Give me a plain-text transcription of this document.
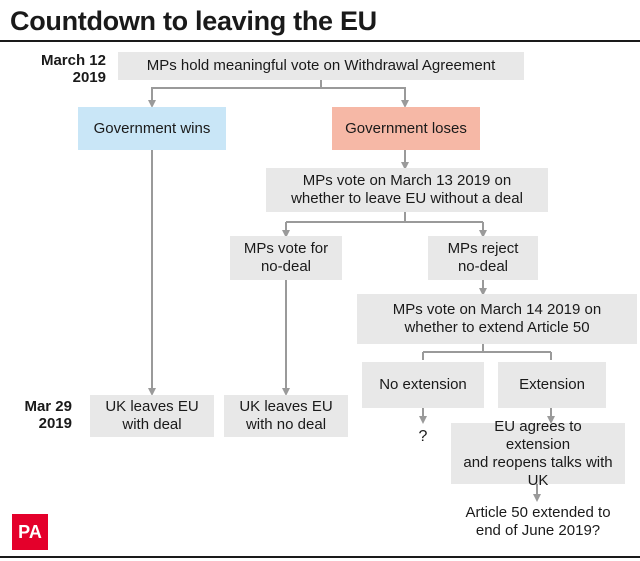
Countdown to leaving the EU
March 12
2019
Mar 29
2019
MPs hold meaningful vote on Withdrawal Agreement
Government wins	Government loses
MPs vote on March 13 2019 on
whether to leave EU without a deal
MPs vote for
no-deal
MPs reject
no-deal
MPs vote on March 14 2019 on
whether to extend Article 50
No extension	Extension
UK leaves EU
with deal
UK leaves EU
with no deal
?
EU agrees to
extension
and reopens talks with UK
Article 50 extended to
end of June 2019?
PA
